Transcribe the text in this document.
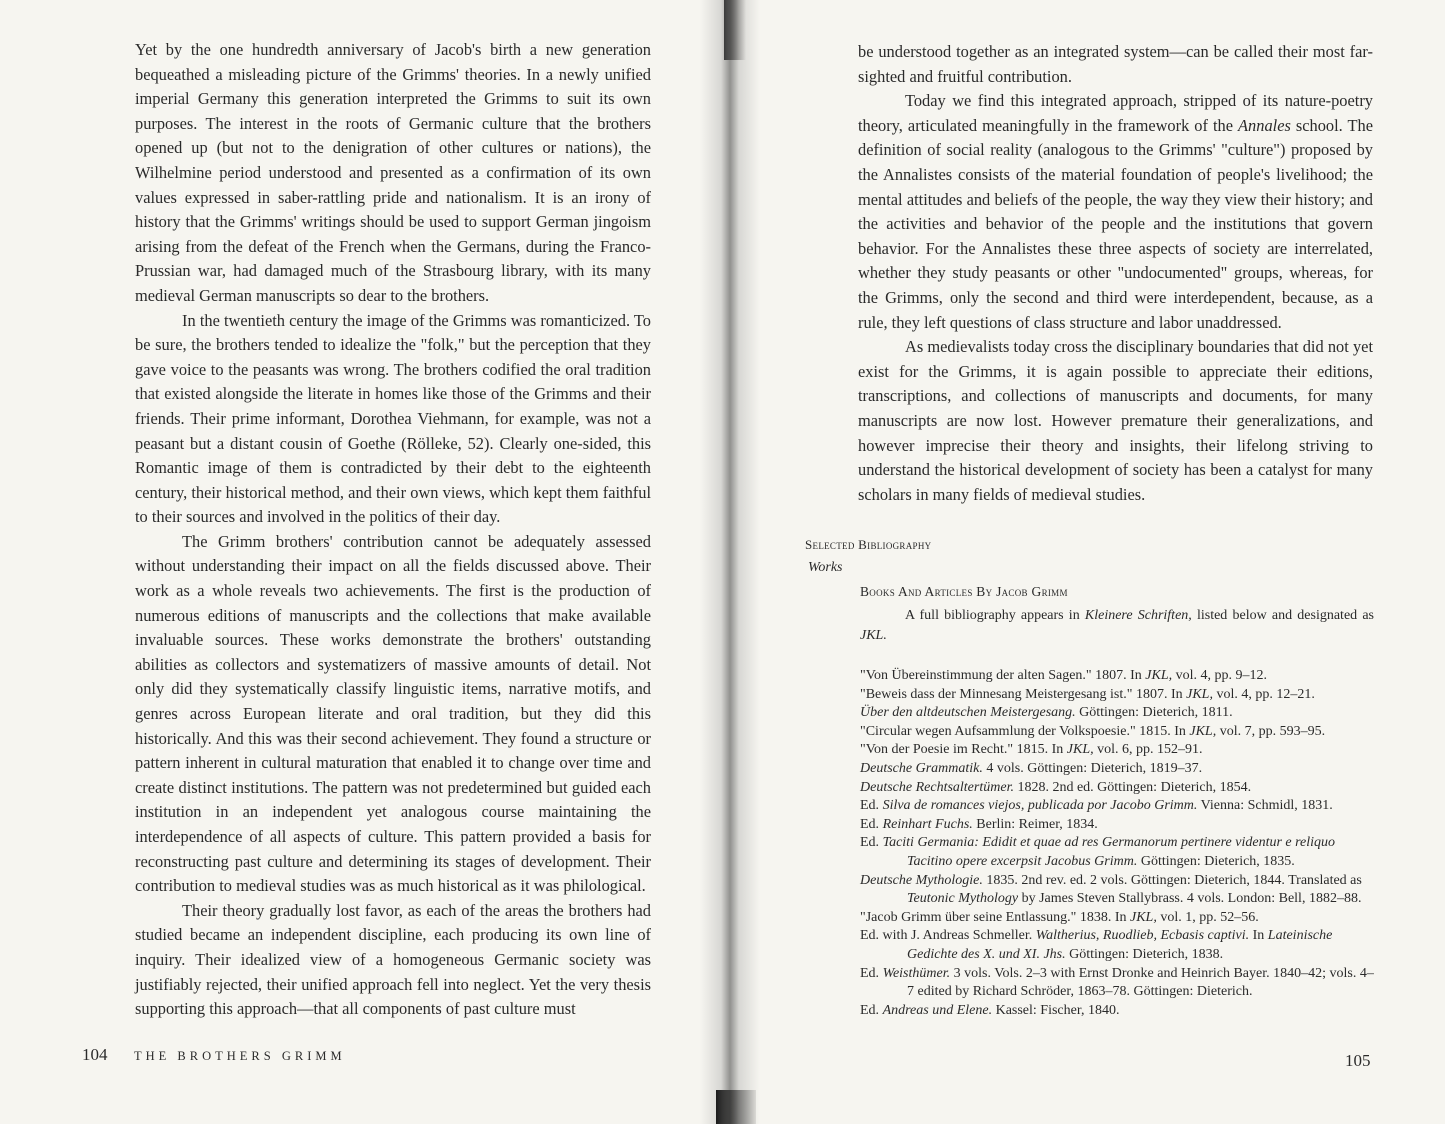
Yet by the one hundredth anniversary of Jacob's birth a new generation bequeathed a misleading picture of the Grimms' theories. In a newly unified imperial Germany this generation interpreted the Grimms to suit its own purposes. The interest in the roots of Germanic culture that the brothers opened up (but not to the denigration of other cultures or nations), the Wilhelmine period understood and presented as a confirmation of its own values expressed in saber-rattling pride and nationalism. It is an irony of history that the Grimms' writings should be used to support German jingoism arising from the defeat of the French when the Germans, during the Franco-Prussian war, had damaged much of the Strasbourg library, with its many medieval German manuscripts so dear to the brothers.

In the twentieth century the image of the Grimms was romanticized. To be sure, the brothers tended to idealize the "folk," but the perception that they gave voice to the peasants was wrong. The brothers codified the oral tradition that existed alongside the literate in homes like those of the Grimms and their friends. Their prime informant, Dorothea Viehmann, for example, was not a peasant but a distant cousin of Goethe (Rölleke, 52). Clearly one-sided, this Romantic image of them is contradicted by their debt to the eighteenth century, their historical method, and their own views, which kept them faithful to their sources and involved in the politics of their day.

The Grimm brothers' contribution cannot be adequately assessed without understanding their impact on all the fields discussed above. Their work as a whole reveals two achievements. The first is the production of numerous editions of manuscripts and the collections that make available invaluable sources. These works demonstrate the brothers' outstanding abilities as collectors and systematizers of massive amounts of detail. Not only did they systematically classify linguistic items, narrative motifs, and genres across European literate and oral tradition, but they did this historically. And this was their second achievement. They found a structure or pattern inherent in cultural maturation that enabled it to change over time and create distinct institutions. The pattern was not predetermined but guided each institution in an independent yet analogous course maintaining the interdependence of all aspects of culture. This pattern provided a basis for reconstructing past culture and determining its stages of development. Their contribution to medieval studies was as much historical as it was philological.

Their theory gradually lost favor, as each of the areas the brothers had studied became an independent discipline, each producing its own line of inquiry. Their idealized view of a homogeneous Germanic society was justifiably rejected, their unified approach fell into neglect. Yet the very thesis supporting this approach—that all components of past culture must

104 THE BROTHERS GRIMM

be understood together as an integrated system—can be called their most far-sighted and fruitful contribution.

Today we find this integrated approach, stripped of its nature-poetry theory, articulated meaningfully in the framework of the Annales school. The definition of social reality (analogous to the Grimms' "culture") proposed by the Annalistes consists of the material foundation of people's livelihood; the mental attitudes and beliefs of the people, the way they view their history; and the activities and behavior of the people and the institutions that govern behavior. For the Annalistes these three aspects of society are interrelated, whether they study peasants or other "undocumented" groups, whereas, for the Grimms, only the second and third were interdependent, because, as a rule, they left questions of class structure and labor unaddressed.

As medievalists today cross the disciplinary boundaries that did not yet exist for the Grimms, it is again possible to appreciate their editions, transcriptions, and collections of manuscripts and documents, for many manuscripts are now lost. However premature their generalizations, and however imprecise their theory and insights, their lifelong striving to understand the historical development of society has been a catalyst for many scholars in many fields of medieval studies.

Selected Bibliography
Works
Books And Articles By Jacob Grimm
A full bibliography appears in Kleinere Schriften, listed below and designated as JKL.

"Von Übereinstimmung der alten Sagen." 1807. In JKL, vol. 4, pp. 9–12.

"Beweis dass der Minnesang Meistergesang ist." 1807. In JKL, vol. 4, pp. 12–21.

Über den altdeutschen Meistergesang. Göttingen: Dieterich, 1811.

"Circular wegen Aufsammlung der Volkspoesie." 1815. In JKL, vol. 7, pp. 593–95.

"Von der Poesie im Recht." 1815. In JKL, vol. 6, pp. 152–91.

Deutsche Grammatik. 4 vols. Göttingen: Dieterich, 1819–37.

Deutsche Rechtsaltertümer. 1828. 2nd ed. Göttingen: Dieterich, 1854.

Ed. Silva de romances viejos, publicada por Jacobo Grimm. Vienna: Schmidl, 1831.

Ed. Reinhart Fuchs. Berlin: Reimer, 1834.

Ed. Taciti Germania: Edidit et quae ad res Germanorum pertinere videntur e reliquo Tacitino opere excerpsit Jacobus Grimm. Göttingen: Dieterich, 1835.

Deutsche Mythologie. 1835. 2nd rev. ed. 2 vols. Göttingen: Dieterich, 1844. Translated as Teutonic Mythology by James Steven Stallybrass. 4 vols. London: Bell, 1882–88.

"Jacob Grimm über seine Entlassung." 1838. In JKL, vol. 1, pp. 52–56.

Ed. with J. Andreas Schmeller. Waltherius, Ruodlieb, Ecbasis captivi. In Lateinische Gedichte des X. und XI. Jhs. Göttingen: Dieterich, 1838.

Ed. Weisthümer. 3 vols. Vols. 2–3 with Ernst Dronke and Heinrich Bayer. 1840–42; vols. 4–7 edited by Richard Schröder, 1863–78. Göttingen: Dieterich.

Ed. Andreas und Elene. Kassel: Fischer, 1840.

105
